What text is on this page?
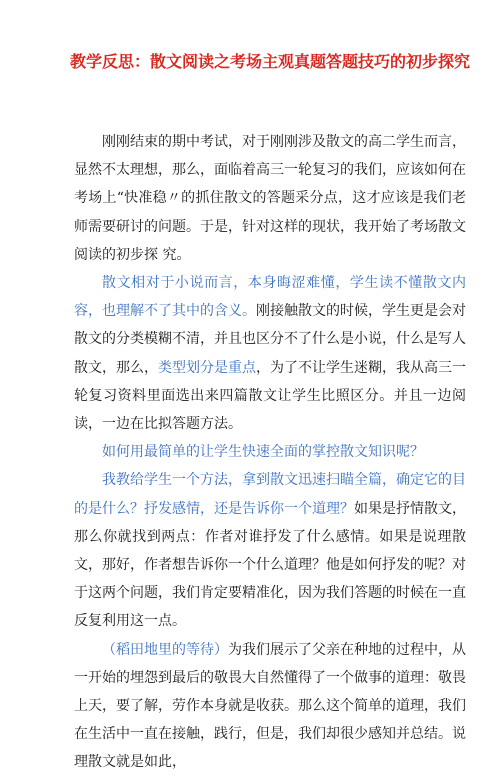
教学反思：散文阅读之考场主观真题答题技巧的初步探究

刚刚结束的期中考试，对于刚刚涉及散文的高二学生而言，显然不太理想，那么，面临着高三一轮复习的我们，应该如何在考场上“快准稳〃的抓住散文的答题采分点，这才应该是我们老师需要研讨的问题。于是，针对这样的现状，我开始了考场散文阅读的初步探 究。

散文相对于小说而言，本身晦涩难懂，学生读不懂散文内容，也理解不了其中的含义。刚接触散文的时候，学生更是会对散文的分类模糊不清，并且也区分不了什么是小说，什么是写人散文，那么，类型划分是重点，为了不让学生迷糊，我从高三一轮复习资料里面选出来四篇散文让学生比照区分。并且一边阅读，一边在比拟答题方法。

如何用最简单的让学生快速全面的掌控散文知识呢？

我教给学生一个方法，拿到散文迅速扫瞄全篇，确定它的目的是什么？抒发感情，还是告诉你一个道理？如果是抒情散文，那么你就找到两点：作者对谁抒发了什么感情。如果是说理散文，那好，作者想告诉你一个什么道理？他是如何抒发的呢？对于这两个问题，我们肯定要精准化，因为我们答题的时候在一直反复利用这一点。

（稻田地里的等待）为我们展示了父亲在种地的过程中，从一开始的埋怨到最后的敬畏大自然懂得了一个做事的道理：敬畏上天，要了解，劳作本身就是收获。那么这个简单的道理，我们在生活中一直在接触，践行，但是，我们却很少感知并总结。说理散文就是如此，
